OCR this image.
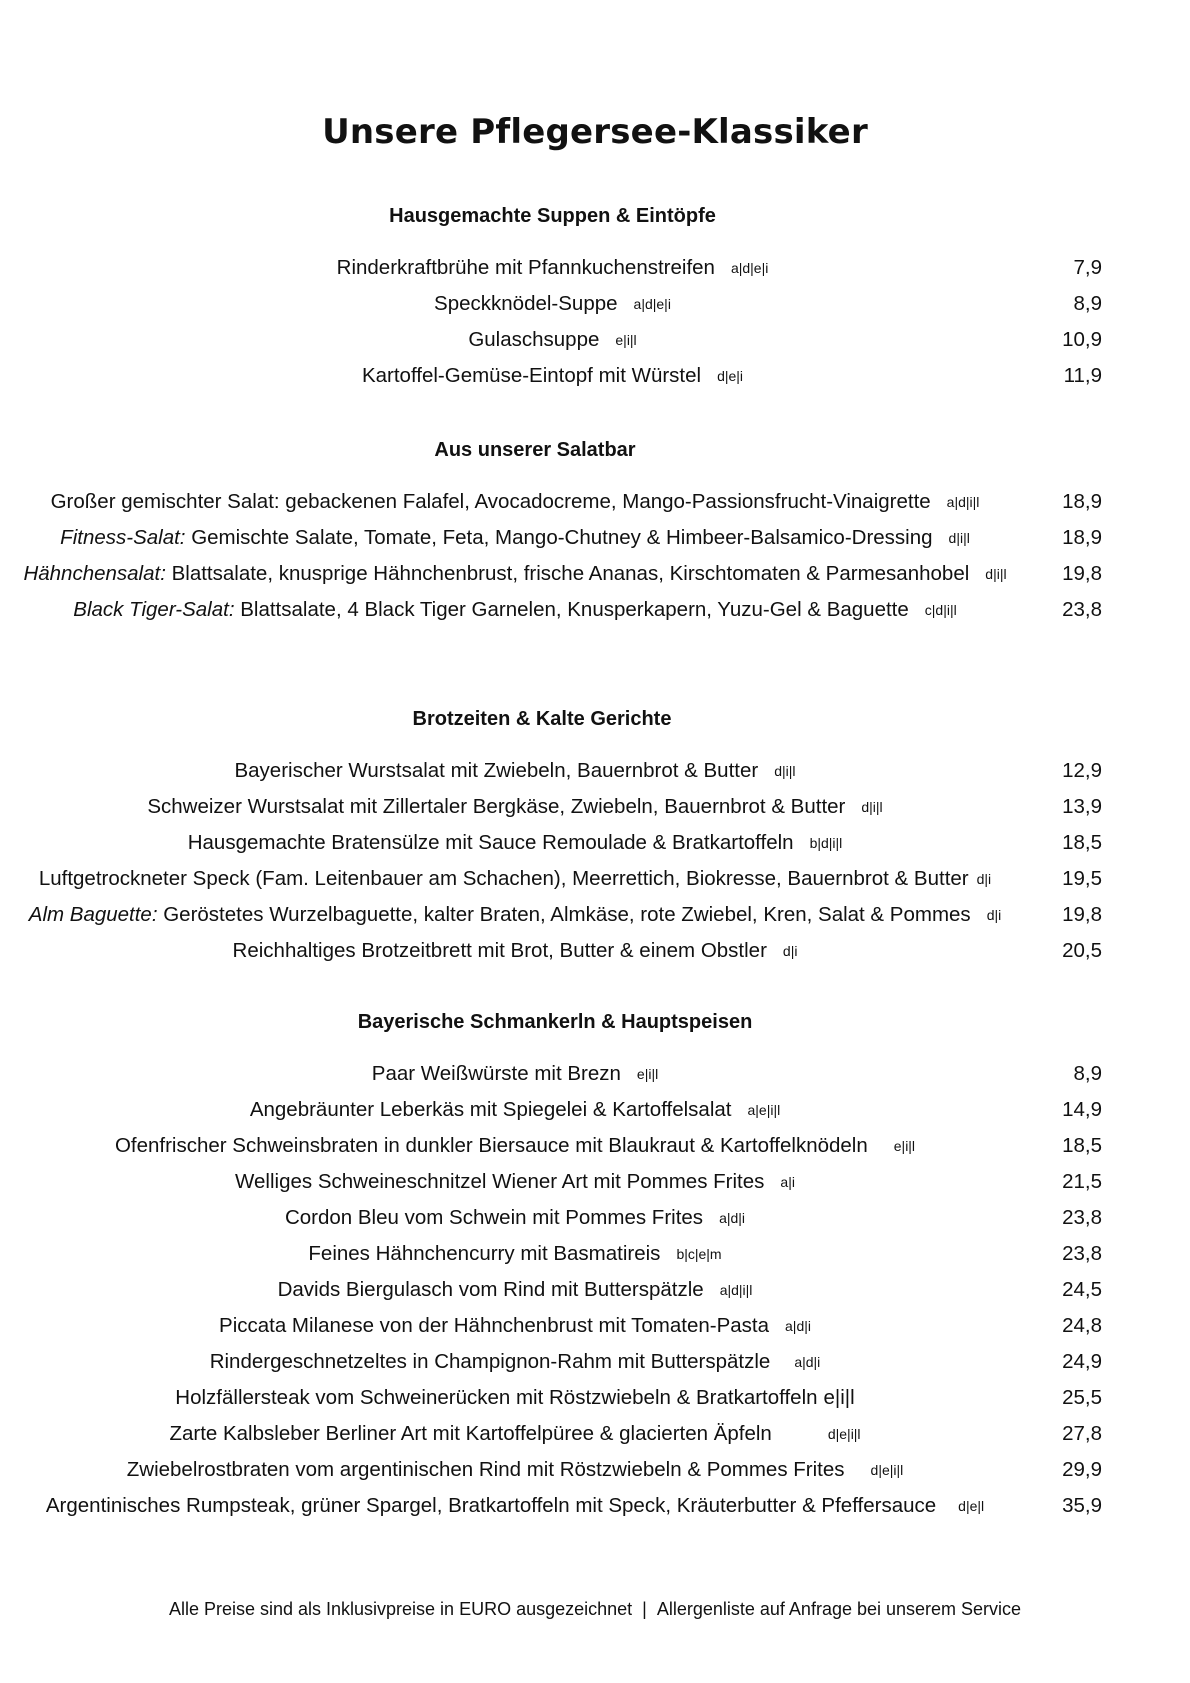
Unsere Pflegersee-Klassiker
Hausgemachte Suppen & Eintöpfe
Rinderkraftbrühe mit Pfannkuchenstreifen a|d|e|i	7,9
Speckknödel-Suppe a|d|e|i	8,9
Gulaschsuppe e|i|l	10,9
Kartoffel-Gemüse-Eintopf mit Würstel d|e|i	11,9
Aus unserer Salatbar
Großer gemischter Salat: gebackenen Falafel, Avocadocreme, Mango-Passionsfrucht-Vinaigrette a|d|i|l	18,9
Fitness-Salat: Gemischte Salate, Tomate, Feta, Mango-Chutney & Himbeer-Balsamico-Dressing d|i|l	18,9
Hähnchensalat: Blattsalate, knusprige Hähnchenbrust, frische Ananas, Kirschtomaten & Parmesanhobel d|i|l	19,8
Black Tiger-Salat: Blattsalate, 4 Black Tiger Garnelen, Knusperkapern, Yuzu-Gel & Baguette c|d|i|l	23,8
Brotzeiten & Kalte Gerichte
Bayerischer Wurstsalat mit Zwiebeln, Bauernbrot & Butter d|i|l	12,9
Schweizer Wurstsalat mit Zillertaler Bergkäse, Zwiebeln, Bauernbrot & Butter d|i|l	13,9
Hausgemachte Bratensülze mit Sauce Remoulade & Bratkartoffeln b|d|i|l	18,5
Luftgetrockneter Speck (Fam. Leitenbauer am Schachen), Meerrettich, Biokresse, Bauernbrot & Butter d|i	19,5
Alm Baguette: Geröstetes Wurzelbaguette, kalter Braten, Almkäse, rote Zwiebel, Kren, Salat & Pommes d|i	19,8
Reichhaltiges Brotzeitbrett mit Brot, Butter & einem Obstler d|i	20,5
Bayerische Schmankerln & Hauptspeisen
Paar Weißwürste mit Brezn e|i|l	8,9
Angebräunter Leberkäs mit Spiegelei & Kartoffelsalat a|e|i|l	14,9
Ofenfrischer Schweinsbraten in dunkler Biersauce mit Blaukraut & Kartoffelknödeln e|i|l	18,5
Welliges Schweineschnitzel Wiener Art mit Pommes Frites a|i	21,5
Cordon Bleu vom Schwein mit Pommes Frites a|d|i	23,8
Feines Hähnchencurry mit Basmatireis b|c|e|m	23,8
Davids Biergulasch vom Rind mit Butterspätzle a|d|i|l	24,5
Piccata Milanese von der Hähnchenbrust mit Tomaten-Pasta a|d|i	24,8
Rindergeschnetzeltes in Champignon-Rahm mit Butterspätzle a|d|i	24,9
Holzfällersteak vom Schweinerücken mit Röstzwiebeln & Bratkartoffeln e|i|l	25,5
Zarte Kalbsleber Berliner Art mit Kartoffelpüree & glacierten Äpfeln	d|e|i|l	27,8
Zwiebelrostbraten vom argentinischen Rind mit Röstzwiebeln & Pommes Frites d|e|i|l	29,9
Argentinisches Rumpsteak, grüner Spargel, Bratkartoffeln mit Speck, Kräuterbutter & Pfeffersauce d|e|l	35,9
Alle Preise sind als Inklusivpreise in EURO ausgezeichnet | Allergenliste auf Anfrage bei unserem Service
